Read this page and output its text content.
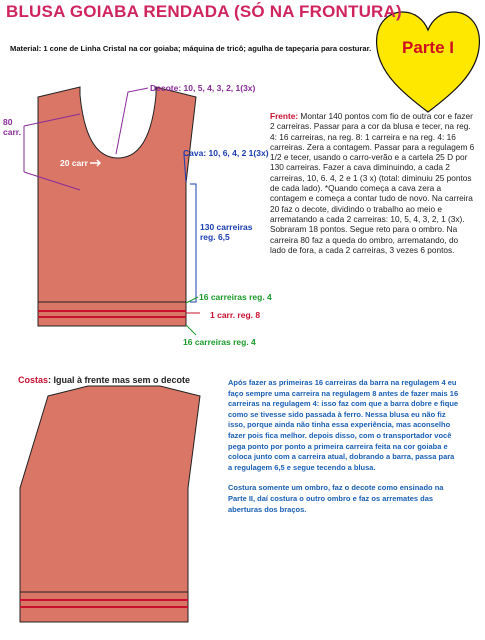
BLUSA GOIABA RENDADA (SÓ NA FRONTURA)
Material: 1 cone de Linha Cristal na cor goiaba; máquina de tricô; agulha de tapeçaria para costurar. Parte I
Decote: 10, 5, 4, 3, 2, 1(3x)
80
carr.
20 carr
Cava: 10, 6, 4, 2 1(3x)
130 carreiras
reg. 6,5
16 carreiras reg. 4
1 carr. reg. 8
16 carreiras reg. 4
Frente: Montar 140 pontos com fio de outra cor e fazer 2 carreiras. Passar para a cor da blusa e tecer, na reg. 4: 16 carreiras, na reg. 8: 1 carreira e na reg. 4: 16 carreiras. Zera a contagem. Passar para a regulagem 6 1/2 e tecer, usando o carro-verão e a cartela 25 D por 130 carreiras. Fazer a cava diminuindo, a cada 2 carreiras, 10, 6. 4, 2 e 1 (3 x) (total: diminuiu 25 pontos de cada lado). *Quando começa a cava zera a contagem e começa a contar tudo de novo. Na carreira 20 faz o decote, dividindo o trabalho ao meio e arrematando a cada 2 carreiras: 10, 5, 4, 3, 2, 1 (3x). Sobraram 18 pontos. Segue reto para o ombro. Na carreira 80 faz a queda do ombro, arrematando, do lado de fora, a cada 2 carreiras, 3 vezes 6 pontos.
Costas: Igual à frente mas sem o decote	Após fazer as primeiras 16 carreiras da barra na regulagem 4 eu faço sempre uma carreira na regulagem 8 antes de fazer mais 16 carreiras na regulagem 4: isso faz com que a barra dobre e fique como se tivesse sido passada à ferro. Nessa blusa eu não fiz isso, porque ainda não tinha essa experiência, mas aconselho fazer pois fica melhor. depois disso, com o transportador você pega ponto por ponto a primeira carreira feita na cor goiaba e coloca junto com a carreira atual, dobrando a barra, passa para a regulagem 6,5 e segue tecendo a blusa.

Costura somente um ombro, faz o decote como ensinado na Parte II, daí costura o outro ombro e faz os arremates das aberturas dos braços.
